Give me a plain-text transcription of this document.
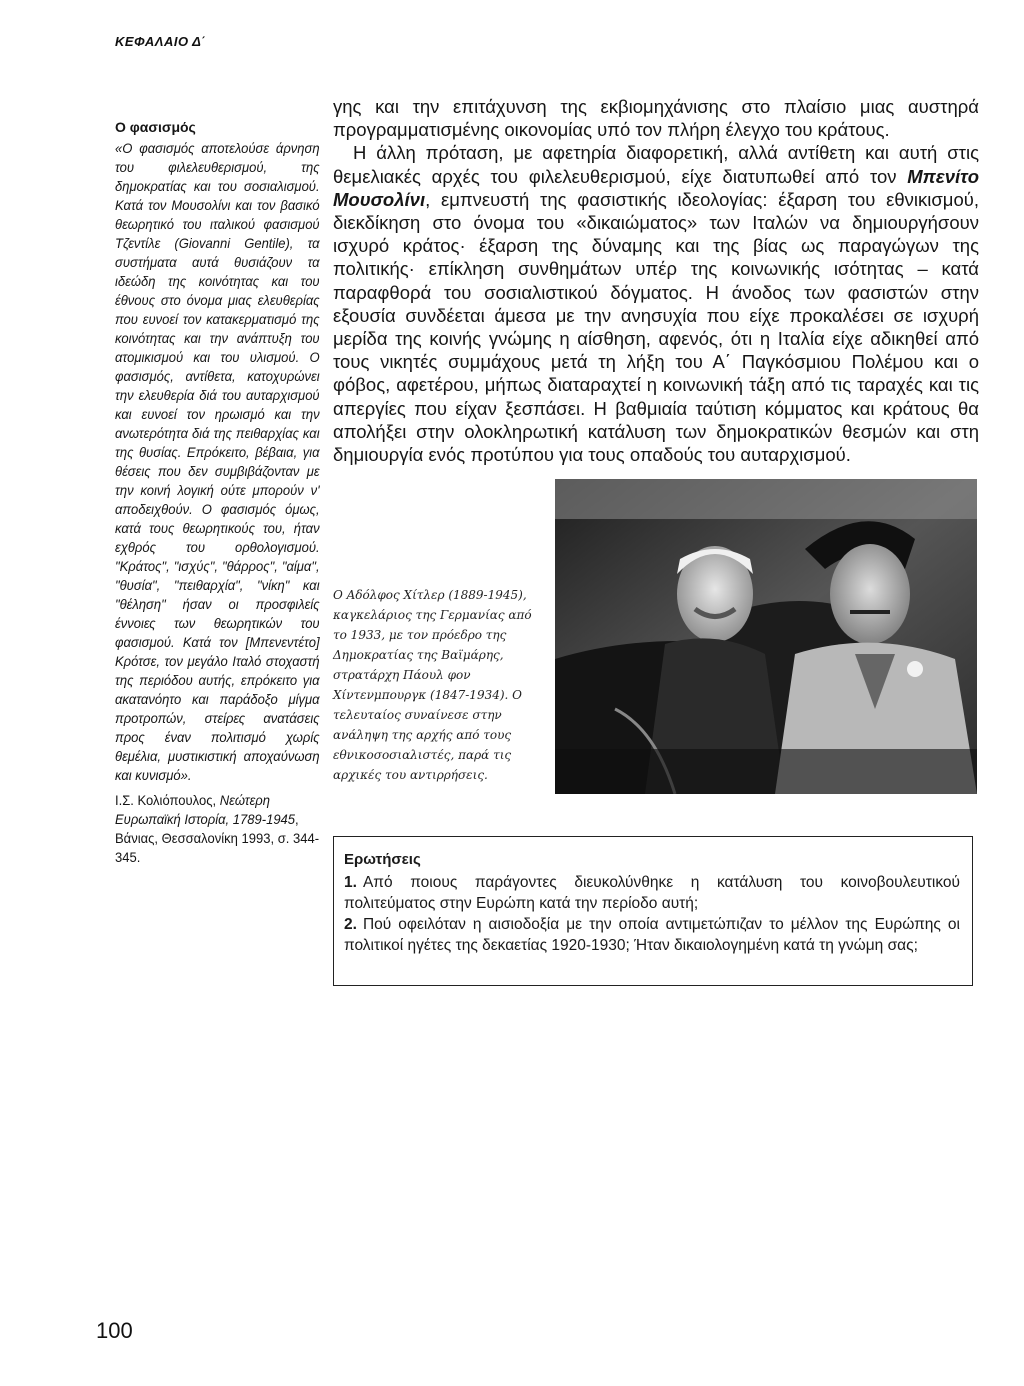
ΚΕΦΑΛΑΙΟ Δ΄

Ο φασισμός

«Ο φασισμός αποτελούσε άρνηση του φιλελευθερισμού, της δημοκρατίας και του σοσιαλισμού. Κατά τον Μουσολίνι και τον βασικό θεωρητικό του ιταλικού φασισμού Τζεντίλε (Giovanni Gentile), τα συστήματα αυτά θυσιάζουν τα ιδεώδη της κοινότητας και του έθνους στο όνομα μιας ελευθερίας που ευνοεί τον κατακερματισμό της κοινότητας και την ανάπτυξη του ατομικισμού και του υλισμού. Ο φασισμός, αντίθετα, κατοχυρώνει την ελευθερία διά του αυταρχισμού και ευνοεί τον ηρωισμό και την ανωτερότητα διά της πειθαρχίας και της θυσίας. Επρόκειτο, βέβαια, για θέσεις που δεν συμβιβάζονταν με την κοινή λογική ούτε μπορούν ν' αποδειχθούν. Ο φασισμός όμως, κατά τους θεωρητικούς του, ήταν εχθρός του ορθολογισμού. "Κράτος", "ισχύς", "θάρρος", "αίμα", "θυσία", "πειθαρχία", "νίκη" και "θέληση" ήσαν οι προσφιλείς έννοιες των θεωρητικών του φασισμού. Κατά τον [Μπενεντέτο] Κρότσε, τον μεγάλο Ιταλό στοχαστή της περιόδου αυτής, επρόκειτο για ακατανόητο και παράδοξο μίγμα προτροπών, στείρες ανατάσεις προς έναν πολιτισμό χωρίς θεμέλια, μυστικιστική αποχαύνωση και κυνισμό».

Ι.Σ. Κολιόπουλος, Νεώτερη Ευρωπαϊκή Ιστορία, 1789-1945, Βάνιας, Θεσσαλονίκη 1993, σ. 344-345.

γης και την επιτάχυνση της εκβιομηχάνισης στο πλαίσιο μιας αυστηρά προγραμματισμένης οικονομίας υπό τον πλήρη έλεγχο του κράτους.

Η άλλη πρόταση, με αφετηρία διαφορετική, αλλά αντίθετη και αυτή στις θεμελιακές αρχές του φιλελευθερισμού, είχε διατυπωθεί από τον Μπενίτο Μουσολίνι, εμπνευστή της φασιστικής ιδεολογίας: έξαρση του εθνικισμού, διεκδίκηση στο όνομα του «δικαιώματος» των Ιταλών να δημιουργήσουν ισχυρό κράτος· έξαρση της δύναμης και της βίας ως παραγώγων της πολιτικής· επίκληση συνθημάτων υπέρ της κοινωνικής ισότητας – κατά παραφθορά του σοσιαλιστικού δόγματος. Η άνοδος των φασιστών στην εξουσία συνδέεται άμεσα με την ανησυχία που είχε προκαλέσει σε ισχυρή μερίδα της κοινής γνώμης η αίσθηση, αφενός, ότι η Ιταλία είχε αδικηθεί από τους νικητές συμμάχους μετά τη λήξη του Α΄ Παγκόσμιου Πολέμου και ο φόβος, αφετέρου, μήπως διαταραχτεί η κοινωνική τάξη από τις ταραχές και τις απεργίες που είχαν ξεσπάσει. Η βαθμιαία ταύτιση κόμματος και κράτους θα απολήξει στην ολοκληρωτική κατάλυση των δημοκρατικών θεσμών και στη δημιουργία ενός προτύπου για τους οπαδούς του αυταρχισμού.

Ο Αδόλφος Χίτλερ (1889-1945), καγκελάριος της Γερμανίας από το 1933, με τον πρόεδρο της Δημοκρατίας της Βαϊμάρης, στρατάρχη Πάουλ φον Χίντενμπουργκ (1847-1934). Ο τελευταίος συναίνεσε στην ανάληψη της αρχής από τους εθνικοσοσιαλιστές, παρά τις αρχικές του αντιρρήσεις.

Ερωτήσεις

1. Από ποιους παράγοντες διευκολύνθηκε η κατάλυση του κοινοβουλευτικού πολιτεύματος στην Ευρώπη κατά την περίοδο αυτή;

2. Πού οφειλόταν η αισιοδοξία με την οποία αντιμετώπιζαν το μέλλον της Ευρώπης οι πολιτικοί ηγέτες της δεκαετίας 1920-1930; Ήταν δικαιολογημένη κατά τη γνώμη σας;

100
